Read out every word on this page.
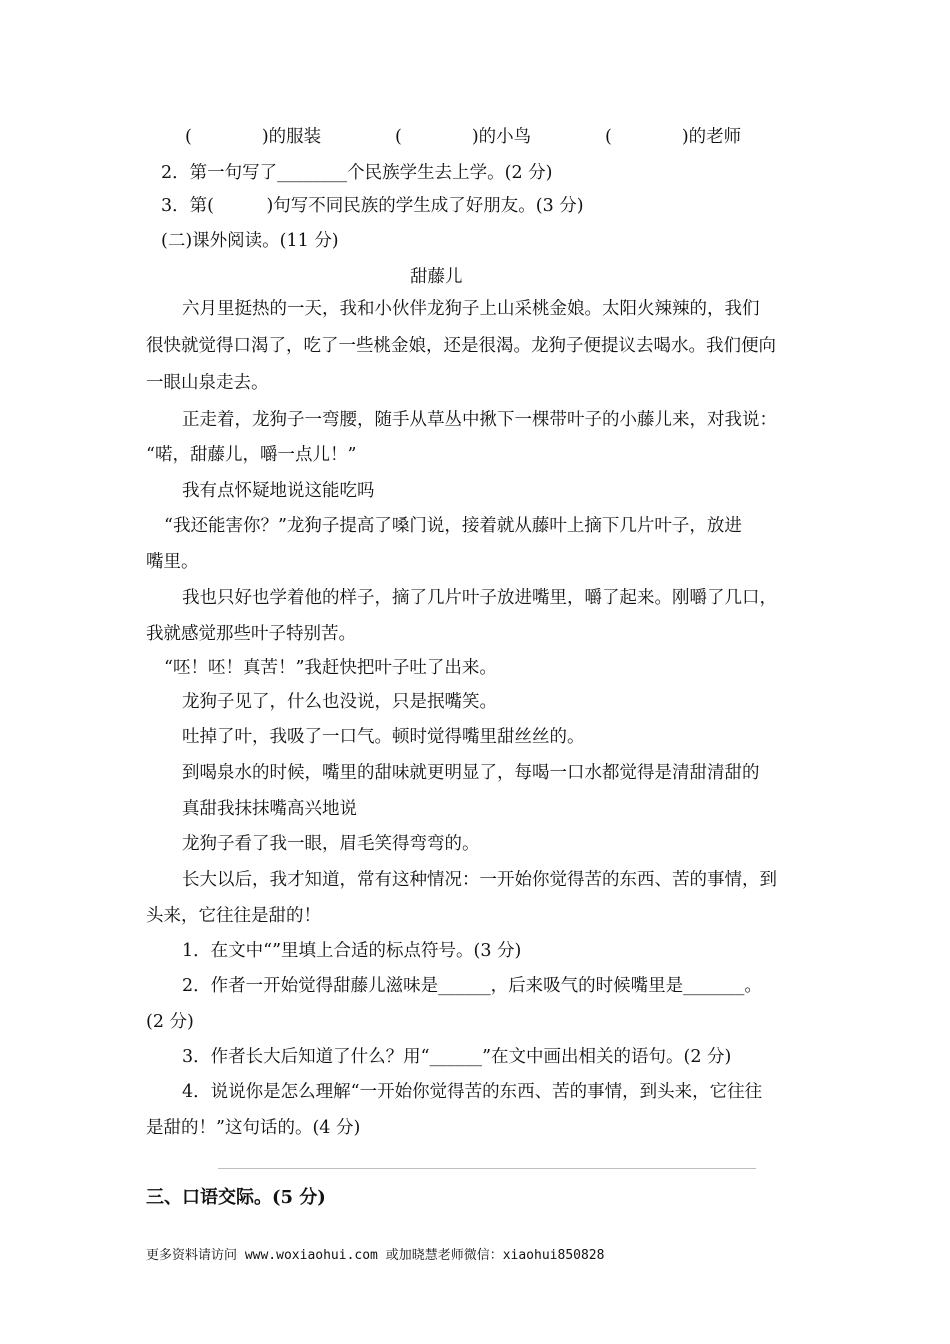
(　　　　)的服装	(　　　　)的小鸟	(　　　　)的老师
2．第一句写了________个民族学生去上学。(2 分)
3．第(　　　)句写不同民族的学生成了好朋友。(3 分)
(二)课外阅读。(11 分)
甜藤儿
六月里挺热的一天，我和小伙伴龙狗子上山采桃金娘。太阳火辣辣的，我们
很快就觉得口渴了，吃了一些桃金娘，还是很渴。龙狗子便提议去喝水。我们便向
一眼山泉走去。
正走着，龙狗子一弯腰，随手从草丛中揪下一棵带叶子的小藤儿来，对我说：
“喏，甜藤儿，嚼一点儿！”
我有点怀疑地说这能吃吗
“我还能害你？”龙狗子提高了嗓门说，接着就从藤叶上摘下几片叶子，放进
嘴里。
我也只好也学着他的样子，摘了几片叶子放进嘴里，嚼了起来。刚嚼了几口，
我就感觉那些叶子特别苦。
“呸！呸！真苦！”我赶快把叶子吐了出来。
龙狗子见了，什么也没说，只是抿嘴笑。
吐掉了叶，我吸了一口气。顿时觉得嘴里甜丝丝的。
到喝泉水的时候，嘴里的甜味就更明显了，每喝一口水都觉得是清甜清甜的
真甜我抹抹嘴高兴地说
龙狗子看了我一眼，眉毛笑得弯弯的。
长大以后，我才知道，常有这种情况：一开始你觉得苦的东西、苦的事情，到
头来，它往往是甜的！
1．在文中“”里填上合适的标点符号。(3 分)
2．作者一开始觉得甜藤儿滋味是______，后来吸气的时候嘴里是_______。
(2 分)
3．作者长大后知道了什么？用“______”在文中画出相关的语句。(2 分)
4．说说你是怎么理解“一开始你觉得苦的东西、苦的事情，到头来，它往往
是甜的！”这句话的。(4 分)
三、口语交际。(5 分)
更多资料请访问 www.woxiaohui.com 或加晓慧老师微信：xiaohui850828
